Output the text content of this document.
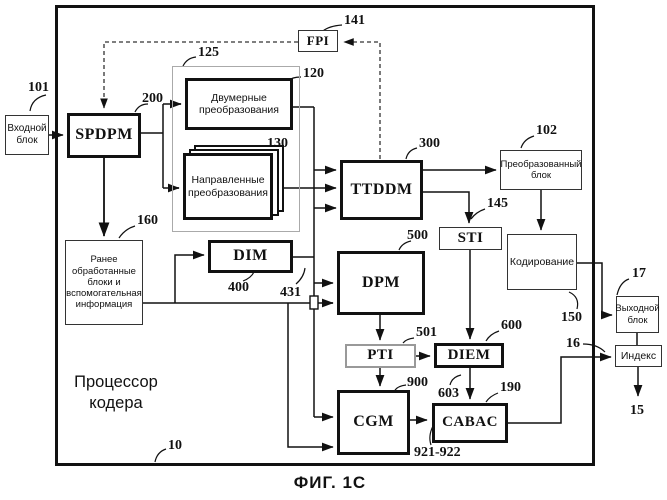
Входной
блок SPDPM
FPI
Двумерные
преобразования
Направленные
преобразования	TTDDM
Преобразованный
блок
STI
Ранее
обработанные
блоки и
вспомогательная
информация
DIM
DPM
Кодирование
PTI	DIEM
CGM	CABAC
Выходной
блок
Индекс
101
200
141
125
120
130	300
102
145
160
400 431
500
150
501	600
603
900	190
921-922
17
16
15
10
Процессор
кодера
ФИГ. 1С
